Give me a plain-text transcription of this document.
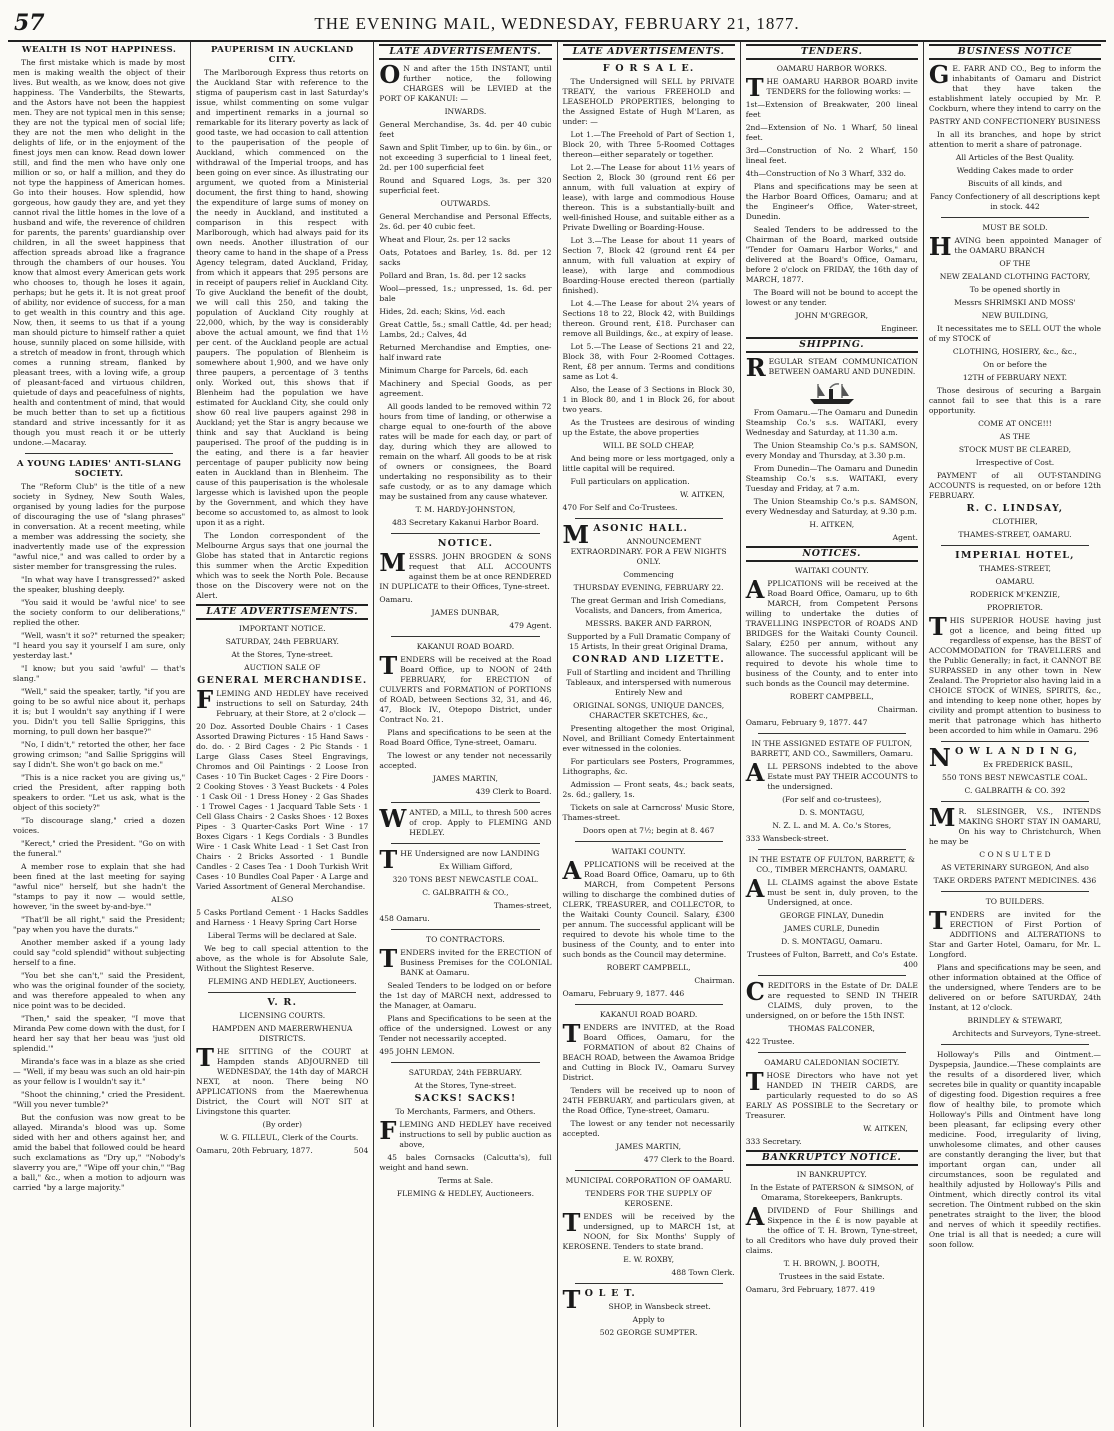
57	THE EVENING MAIL, WEDNESDAY, FEBRUARY 21, 1877.
WEALTH IS NOT HAPPINESS.

The first mistake which is made by most men is making wealth the object of their lives. But wealth, as we know, does not give happiness. The Vanderbilts, the Stewarts, and the Astors have not been the happiest men. They are not typical men in this sense; they are not the typical men of social life; they are not the men who delight in the delights of life, or in the enjoyment of the finest joys men can know. Read down lower still, and find the men who have only one million or so, or half a million, and they do not type the happiness of American homes. Go into their houses. How splendid, how gorgeous, how gaudy they are, and yet they cannot rival the little homes in the love of a husband and wife, the reverence of children for parents, the parents' guardianship over children, in all the sweet happiness that affection spreads abroad like a fragrance through the chambers of our houses. You know that almost every American gets work who chooses to, though he loses it again, perhaps; but he gets it. It is not great proof of ability, nor evidence of success, for a man to get wealth in this country and this age. Now, then, it seems to us that if a young man should picture to himself rather a quiet house, sunnily placed on some hillside, with a stretch of meadow in front, through which comes a running stream, flanked by pleasant trees, with a loving wife, a group of pleasant-faced and virtuous children, quietude of days and peacefulness of nights, health and contentment of mind, that would be much better than to set up a fictitious standard and strive incessantly for it as though you must reach it or be utterly undone.—Macaray.

A YOUNG LADIES' ANTI-SLANG SOCIETY.

The "Reform Club" is the title of a new society in Sydney, New South Wales, organised by young ladies for the purpose of discouraging the use of "slang phrases" in conversation. At a recent meeting, while a member was addressing the society, she inadvertently made use of the expression "awful nice," and was called to order by a sister member for transgressing the rules.

"In what way have I transgressed?" asked the speaker, blushing deeply.

"You said it would be 'awful nice' to see the society conform to our deliberations," replied the other.

"Well, wasn't it so?" returned the speaker; "I heard you say it yourself I am sure, only yesterday last."

"I know; but you said 'awful' — that's slang."

"Well," said the speaker, tartly, "if you are going to be so awful nice about it, perhaps it is; but I wouldn't say anything if I were you. Didn't you tell Sallie Spriggins, this morning, to pull down her basque?"

"No, I didn't," retorted the other, her face growing crimson; "and Sallie Spriggins will say I didn't. She won't go back on me."

"This is a nice racket you are giving us," cried the President, after rapping both speakers to order. "Let us ask, what is the object of this society?"

"To discourage slang," cried a dozen voices.

"Kerect," cried the President. "Go on with the funeral."

A member rose to explain that she had been fined at the last meeting for saying "awful nice" herself, but she hadn't the "stamps to pay it now — would settle, however, 'in the sweet by-and-bye.'"

"That'll be all right," said the President; "pay when you have the durats."

Another member asked if a young lady could say "cold splendid" without subjecting herself to a fine.

"You bet she can't," said the President, who was the original founder of the society, and was therefore appealed to when any nice point was to be decided.

"Then," said the speaker, "I move that Miranda Pew come down with the dust, for I heard her say that her beau was 'just old splendid.'"

Miranda's face was in a blaze as she cried — "Well, if my beau was such an old hair-pin as your fellow is I wouldn't say it."

"Shoot the chinning," cried the President. "Will you never tumble?"

But the confusion was now great to be allayed. Miranda's blood was up. Some sided with her and others against her, and amid the babel that followed could be heard such exclamations as "Dry up," "Nobody's slaverry you are," "Wipe off your chin," "Bag a ball," &c., when a motion to adjourn was carried "by a large majority."

PAUPERISM IN AUCKLAND CITY.

The Marlborough Express thus retorts on the Auckland Star with reference to the stigma of pauperism cast in last Saturday's issue, whilst commenting on some vulgar and impertinent remarks in a journal so remarkable for its literary poverty as lack of good taste, we had occasion to call attention to the pauperisation of the people of Auckland, which commenced on the withdrawal of the Imperial troops, and has been going on ever since. As illustrating our argument, we quoted from a Ministerial document, the first thing to hand, showing the expenditure of large sums of money on the needy in Auckland, and instituted a comparison in this respect with Marlborough, which had always paid for its own needs. Another illustration of our theory came to hand in the shape of a Press Agency telegram, dated Auckland, Friday, from which it appears that 295 persons are in receipt of paupers relief in Auckland City. To give Auckland the benefit of the doubt, we will call this 250, and taking the population of Auckland City roughly at 22,000, which, by the way is considerably above the actual amount, we find that 1½ per cent. of the Auckland people are actual paupers. The population of Blenheim is somewhere about 1,900, and we have only three paupers, a percentage of 3 tenths only. Worked out, this shows that if Blenheim had the population we have estimated for Auckland City, she could only show 60 real live paupers against 298 in Auckland; yet the Star is angry because we think and say that Auckland is being pauperised. The proof of the pudding is in the eating, and there is a far heavier percentage of pauper publicity now being eaten in Auckland than in Blenheim. The cause of this pauperisation is the wholesale largesse which is lavished upon the people by the Government, and which they have become so accustomed to, as almost to look upon it as a right.

The London correspondent of the Melbourne Argus says that one journal the Globe has stated that in Antarctic regions this summer when the Arctic Expedition which was to seek the North Pole. Because those on the Discovery were not on the Alert.

LATE ADVERTISEMENTS.

IMPORTANT NOTICE.

SATURDAY, 24th FEBRUARY.

At the Stores, Tyne-street.

AUCTION SALE OF

GENERAL MERCHANDISE.

FLEMING AND HEDLEY have received instructions to sell on Saturday, 24th February, at their Store, at 2 o'clock —

20 Doz. Assorted Double Chairs · 1 Cases Assorted Drawing Pictures · 15 Hand Saws · do. do. · 2 Bird Cages · 2 Pic Stands · 1 Large Glass Cases Steel Engravings, Chromos and Oil Paintings · 2 Loose Iron Cases · 10 Tin Bucket Cages · 2 Fire Doors · 2 Cooking Stoves · 3 Yeast Buckets · 4 Poles · 1 Cask Oil · 1 Dress Honey · 2 Gas Shades · 1 Trowel Cages · 1 Jacquard Table Sets · 1 Cell Glass Chairs · 2 Casks Shoes · 12 Boxes Pipes · 3 Quarter-Casks Port Wine · 17 Boxes Cigars · 1 Kegs Cordials · 3 Bundles Wire · 1 Cask White Lead · 1 Set Cast Iron Chairs · 2 Bricks Assorted · 1 Bundle Candles · 2 Cases Tea · 1 Dooh Turkish Writ Cases · 10 Bundles Coal Paper · A Large and Varied Assortment of General Merchandise.

ALSO

5 Casks Portland Cement · 1 Hacks Saddles and Harness · 1 Heavy Spring Cart Horse

Liberal Terms will be declared at Sale.

We beg to call special attention to the above, as the whole is for Absolute Sale, Without the Slightest Reserve.

FLEMING AND HEDLEY, Auctioneers.

V. R.

LICENSING COURTS.

HAMPDEN AND MAERERWHENUA DISTRICTS.

THE SITTING of the COURT at Hampden stands ADJOURNED till WEDNESDAY, the 14th day of MARCH NEXT, at noon. There being NO APPLICATIONS from the Maerewhenua District, the Court will NOT SIT at Livingstone this quarter.

(By order)

W. G. FILLEUL, Clerk of the Courts.

Oamaru, 20th February, 1877.	504

LATE ADVERTISEMENTS.

O N and after the 15th INSTANT, until further notice, the following CHARGES will be LEVIED at the PORT OF KAKANUI: —

INWARDS.

General Merchandise, 3s. 4d. per 40 cubic feet

Sawn and Split Timber, up to 6in. by 6in., or not exceeding 3 superficial to 1 lineal feet, 2d. per 100 superficial feet

Round and Squared Logs, 3s. per 320 superficial feet.

OUTWARDS.

General Merchandise and Personal Effects, 2s. 6d. per 40 cubic feet.

Wheat and Flour, 2s. per 12 sacks

Oats, Potatoes and Barley, 1s. 8d. per 12 sacks

Pollard and Bran, 1s. 8d. per 12 sacks

Wool—pressed, 1s.; unpressed, 1s. 6d. per bale

Hides, 2d. each; Skins, ½d. each

Great Cattle, 5s.; small Cattle, 4d. per head; Lambs, 2d.; Calves, 4d

Returned Merchandise and Empties, one-half inward rate

Minimum Charge for Parcels, 6d. each

Machinery and Special Goods, as per agreement.

All goods landed to be removed within 72 hours from time of landing, or otherwise a charge equal to one-fourth of the above rates will be made for each day, or part of day, during which they are allowed to remain on the wharf. All goods to be at risk of owners or consignees, the Board undertaking no responsibility as to their safe custody, or as to any damage which may be sustained from any cause whatever.

T. M. HARDY-JOHNSTON,

483 Secretary Kakanui Harbor Board.

NOTICE.

MESSRS. JOHN BROGDEN & SONS request that ALL ACCOUNTS against them be at once RENDERED IN DUPLICATE to their Offices, Tyne-street.

Oamaru.

JAMES DUNBAR,

479 Agent.

KAKANUI ROAD BOARD.

TENDERS will be received at the Road Board Office, up to NOON of 24th FEBRUARY, for ERECTION of CULVERTS and FORMATION of PORTIONS of ROAD, between Sections 32, 31, and 46, 47, Block IV., Otepopo District, under Contract No. 21.

Plans and specifications to be seen at the Road Board Office, Tyne-street, Oamaru.

The lowest or any tender not necessarily accepted.

JAMES MARTIN,

439 Clerk to Board.

WANTED, a MILL, to thresh 500 acres of crop. Apply to FLEMING AND HEDLEY.

THE Undersigned are now LANDING

Ex William Gifford,

320 TONS BEST NEWCASTLE COAL.

C. GALBRAITH & CO.,

Thames-street,

458 Oamaru.

TO CONTRACTORS.

TENDERS invited for the ERECTION of Business Premises for the COLONIAL BANK at Oamaru.

Sealed Tenders to be lodged on or before the 1st day of MARCH next, addressed to the Manager, at Oamaru.

Plans and Specifications to be seen at the office of the undersigned. Lowest or any Tender not necessarily accepted.

495 JOHN LEMON.

SATURDAY, 24th FEBRUARY.

At the Stores, Tyne-street.

SACKS! SACKS!

To Merchants, Farmers, and Others.

FLEMING AND HEDLEY have received instructions to sell by public auction as above,

45 bales Cornsacks (Calcutta's), full weight and hand sewn.

Terms at Sale.

FLEMING & HEDLEY, Auctioneers.

LATE ADVERTISEMENTS.

F O R S A L E.

The Undersigned will SELL by PRIVATE TREATY, the various FREEHOLD and LEASEHOLD PROPERTIES, belonging to the Assigned Estate of Hugh M'Laren, as under: —

Lot 1.—The Freehold of Part of Section 1, Block 20, with Three 5-Roomed Cottages thereon—either separately or together.

Lot 2.—The Lease for about 11½ years of Section 2, Block 30 (ground rent £6 per annum, with full valuation at expiry of lease), with large and commodious House thereon. This is a substantially-built and well-finished House, and suitable either as a Private Dwelling or Boarding-House.

Lot 3.—The Lease for about 11 years of Section 7, Block 42 (ground rent £4 per annum, with full valuation at expiry of lease), with large and commodious Boarding-House erected thereon (partially finished).

Lot 4.—The Lease for about 2¼ years of Sections 18 to 22, Block 42, with Buildings thereon. Ground rent, £18. Purchaser can remove all Buildings, &c., at expiry of lease.

Lot 5.—The Lease of Sections 21 and 22, Block 38, with Four 2-Roomed Cottages. Rent, £8 per annum. Terms and conditions same as Lot 4.

Also, the Lease of 3 Sections in Block 30, 1 in Block 80, and 1 in Block 26, for about two years.

As the Trustees are desirous of winding up the Estate, the above properties

WILL BE SOLD CHEAP,

And being more or less mortgaged, only a little capital will be required.

Full particulars on application.

W. AITKEN,

470 For Self and Co-Trustees.

MASONIC HALL.

ANNOUNCEMENT EXTRAORDINARY. FOR A FEW NIGHTS ONLY.

Commencing

THURSDAY EVENING, FEBRUARY 22.

The great German and Irish Comedians, Vocalists, and Dancers, from America,

MESSRS. BAKER AND FARRON,

Supported by a Full Dramatic Company of 15 Artists, In their great Original Drama,

CONRAD AND LIZETTE.

Full of Startling and incident and Thrilling Tableaux, and interspersed with numerous Entirely New and

ORIGINAL SONGS, UNIQUE DANCES, CHARACTER SKETCHES, &c.,

Presenting altogether the most Original, Novel, and Brilliant Comedy Entertainment ever witnessed in the colonies.

For particulars see Posters, Programmes, Lithographs, &c.

Admission — Front seats, 4s.; back seats, 2s. 6d.; gallery, 1s.

Tickets on sale at Carncross' Music Store, Thames-street.

Doors open at 7½; begin at 8. 467

WAITAKI COUNTY.

APPLICATIONS will be received at the Road Board Office, Oamaru, up to 6th MARCH, from Competent Persons willing to discharge the combined duties of CLERK, TREASURER, and COLLECTOR, to the Waitaki County Council. Salary, £300 per annum. The successful applicant will be required to devote his whole time to the business of the County, and to enter into such bonds as the Council may determine.

ROBERT CAMPBELL,

Chairman.

Oamaru, February 9, 1877. 446

KAKANUI ROAD BOARD.

TENDERS are INVITED, at the Road Board Offices, Oamaru, for the FORMATION of about 82 Chains of BEACH ROAD, between the Awamoa Bridge and Cutting in Block IV., Oamaru Survey District.

Tenders will be received up to noon of 24TH FEBRUARY, and particulars given, at the Road Office, Tyne-street, Oamaru.

The lowest or any tender not necessarily accepted.

JAMES MARTIN,

477 Clerk to the Board.

MUNICIPAL CORPORATION OF OAMARU.

TENDERS FOR THE SUPPLY OF KEROSENE.

TENDES will be received by the undersigned, up to MARCH 1st, at NOON, for Six Months' Supply of KEROSENE. Tenders to state brand.

E. W. ROXBY,

488 Town Clerk.

T O L E T.

SHOP, in Wansbeck street.

Apply to

502 GEORGE SUMPTER.

TENDERS.

OAMARU HARBOR WORKS.

THE OAMARU HARBOR BOARD invite TENDERS for the following works: —

1st—Extension of Breakwater, 200 lineal feet

2nd—Extension of No. 1 Wharf, 50 lineal feet.

3rd—Construction of No. 2 Wharf, 150 lineal feet.

4th—Construction of No 3 Wharf, 332 do.

Plans and specifications may be seen at the Harbor Board Offices, Oamaru; and at the Engineer's Office, Water-street, Dunedin.

Sealed Tenders to be addressed to the Chairman of the Board, marked outside "Tender for Oamaru Harbor Works," and delivered at the Board's Office, Oamaru, before 2 o'clock on FRIDAY, the 16th day of MARCH, 1877.

The Board will not be bound to accept the lowest or any tender.

JOHN M'GREGOR,

Engineer.

SHIPPING.

REGULAR STEAM COMMUNICATION BETWEEN OAMARU AND DUNEDIN.

From Oamaru.—The Oamaru and Dunedin Steamship Co.'s s.s. WAITAKI, every Wednesday and Saturday, at 11.30 a.m.

The Union Steamship Co.'s p.s. SAMSON, every Monday and Thursday, at 3.30 p.m.

From Dunedin—The Oamaru and Dunedin Steamship Co.'s s.s. WAITAKI, every Tuesday and Friday, at 7 a.m.

The Union Steamship Co.'s p.s. SAMSON, every Wednesday and Saturday, at 9.30 p.m.

H. AITKEN,

Agent.

NOTICES.

WAITAKI COUNTY.

APPLICATIONS will be received at the Road Board Office, Oamaru, up to 6th MARCH, from Competent Persons willing to undertake the duties of TRAVELLING INSPECTOR of ROADS AND BRIDGES for the Waitaki County Council. Salary, £250 per annum, without any allowance. The successful applicant will be required to devote his whole time to business of the County, and to enter into such bonds as the Council may determine.

ROBERT CAMPBELL,

Chairman.

Oamaru, February 9, 1877. 447

IN THE ASSIGNED ESTATE OF FULTON, BARRETT, AND CO., Sawmillers, Oamaru.

ALL PERSONS indebted to the above Estate must PAY THEIR ACCOUNTS to the undersigned.

(For self and co-trustees),

D. S. MONTAGU,

N. Z. L. and M. A. Co.'s Stores,

333 Wansbeck-street.

IN THE ESTATE OF FULTON, BARRETT, & CO., TIMBER MERCHANTS, OAMARU.

ALL CLAIMS against the above Estate must be sent in, duly proven, to the Undersigned, at once.

GEORGE FINLAY, Dunedin

JAMES CURLE, Dunedin

D. S. MONTAGU, Oamaru.

Trustees of Fulton, Barrett, and Co's Estate. 400

CREDITORS in the Estate of Dr. DALE are requested to SEND IN THEIR CLAIMS, duly proven, to the undersigned, on or before the 15th INST.

THOMAS FALCONER,

422 Trustee.

OAMARU CALEDONIAN SOCIETY.

THOSE Directors who have not yet HANDED IN THEIR CARDS, are particularly requested to do so AS EARLY AS POSSIBLE to the Secretary or Treasurer.

W. AITKEN,

333 Secretary.

BANKRUPTCY NOTICE.

IN BANKRUPTCY.

In the Estate of PATERSON & SIMSON, of Omarama, Storekeepers, Bankrupts.

ADIVIDEND of Four Shillings and Sixpence in the £ is now payable at the office of T. H. Brown, Tyne-street, to all Creditors who have duly proved their claims.

T. H. BROWN, J. BOOTH,

Trustees in the said Estate.

Oamaru, 3rd February, 1877. 419

BUSINESS NOTICE

G E. FARR AND CO., Beg to inform the inhabitants of Oamaru and District that they have taken the establishment lately occupied by Mr. P. Cockburn, where they intend to carry on the

PASTRY AND CONFECTIONERY BUSINESS

In all its branches, and hope by strict attention to merit a share of patronage.

All Articles of the Best Quality.

Wedding Cakes made to order

Biscuits of all kinds, and

Fancy Confectionery of all descriptions kept in stock. 442

MUST BE SOLD.

HAVING been appointed Manager of the OAMARU BRANCH

OF THE

NEW ZEALAND CLOTHING FACTORY,

To be opened shortly in

Messrs SHRIMSKI AND MOSS'

NEW BUILDING,

It necessitates me to SELL OUT the whole of my STOCK of

CLOTHING, HOSIERY, &c., &c.,

On or before the

12TH of FEBRUARY NEXT.

Those desirous of securing a Bargain cannot fail to see that this is a rare opportunity.

COME AT ONCE!!!

AS THE

STOCK MUST BE CLEARED,

Irrespective of Cost.

PAYMENT of all OUT-STANDING ACCOUNTS is requested, on or before 12th FEBRUARY.

R. C. LINDSAY,

CLOTHIER,

THAMES-STREET, OAMARU.

IMPERIAL HOTEL,

THAMES-STREET,

OAMARU.

RODERICK M'KENZIE,

PROPRIETOR.

THIS SUPERIOR HOUSE having just got a licence, and being fitted up regardless of expense, has the BEST of ACCOMMODATION for TRAVELLERS and the Public Generally; in fact, it CANNOT BE SURPASSED in any other town in New Zealand. The Proprietor also having laid in a CHOICE STOCK of WINES, SPIRITS, &c., and intending to keep none other, hopes by civility and prompt attention to business to merit that patronage which has hitherto been accorded to him while in Oamaru. 296

N O W L A N D I N G,

Ex FREDERICK BASIL,

550 TONS BEST NEWCASTLE COAL.

C. GALBRAITH & CO. 392

M R. SLESINGER, V.S., INTENDS MAKING SHORT STAY IN OAMARU, On his way to Christchurch, When he may be

C O N S U L T E D

AS VETERINARY SURGEON, And also

TAKE ORDERS PATENT MEDICINES. 436

TO BUILDERS.

TENDERS are invited for the ERECTION of First Portion of ADDITIONS and ALTERATIONS to Star and Garter Hotel, Oamaru, for Mr. L. Longford.

Plans and specifications may be seen, and other information obtained at the Office of the undersigned, where Tenders are to be delivered on or before SATURDAY, 24th Instant, at 12 o'clock.

BRINDLEY & STEWART,

Architects and Surveyors, Tyne-street.

Holloway's Pills and Ointment.—Dyspepsia, Jaundice.—These complaints are the results of a disordered liver, which secretes bile in quality or quantity incapable of digesting food. Digestion requires a free flow of healthy bile, to promote which Holloway's Pills and Ointment have long been pleasant, far eclipsing every other medicine. Food, irregularity of living, unwholesome climates, and other causes are constantly deranging the liver, but that important organ can, under all circumstances, soon be regulated and healthily adjusted by Holloway's Pills and Ointment, which directly control its vital secretion. The Ointment rubbed on the skin penetrates straight to the liver, the blood and nerves of which it speedily rectifies. One trial is all that is needed; a cure will soon follow.
